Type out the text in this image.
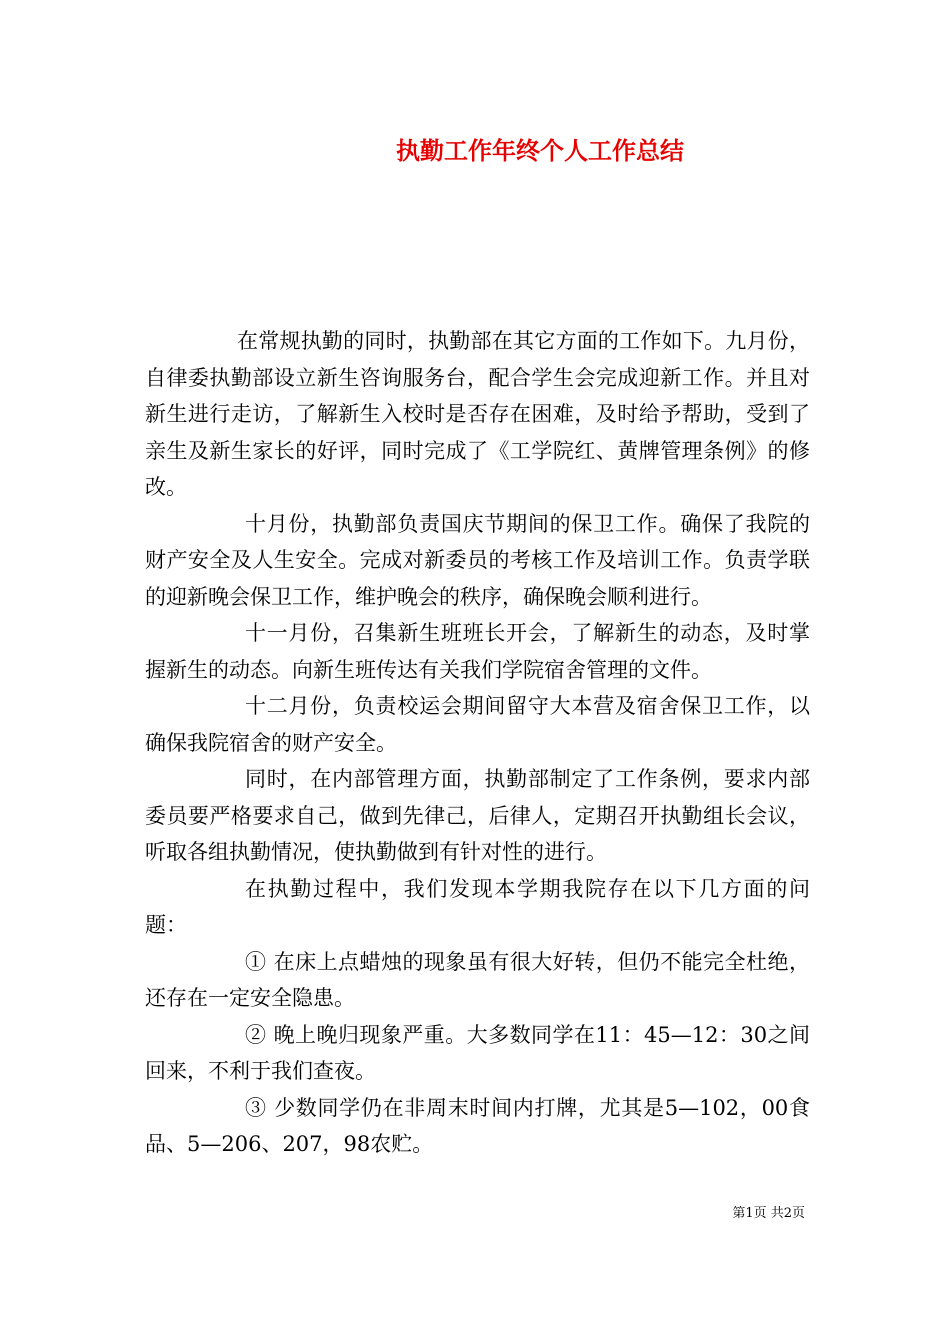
执勤工作年终个人工作总结

在常规执勤的同时，执勤部在其它方面的工作如下。九月份，自律委执勤部设立新生咨询服务台，配合学生会完成迎新工作。并且对新生进行走访，了解新生入校时是否存在困难，及时给予帮助，受到了亲生及新生家长的好评，同时完成了《工学院红、黄牌管理条例》的修改。

十月份，执勤部负责国庆节期间的保卫工作。确保了我院的财产安全及人生安全。完成对新委员的考核工作及培训工作。负责学联的迎新晚会保卫工作，维护晚会的秩序，确保晚会顺利进行。

十一月份，召集新生班班长开会，了解新生的动态，及时掌握新生的动态。向新生班传达有关我们学院宿舍管理的文件。

十二月份，负责校运会期间留守大本营及宿舍保卫工作，以确保我院宿舍的财产安全。

同时，在内部管理方面，执勤部制定了工作条例，要求内部委员要严格要求自己，做到先律己，后律人，定期召开执勤组长会议，听取各组执勤情况，使执勤做到有针对性的进行。

在执勤过程中，我们发现本学期我院存在以下几方面的问题：

① 在床上点蜡烛的现象虽有很大好转，但仍不能完全杜绝，还存在一定安全隐患。

② 晚上晚归现象严重。大多数同学在11：45—12：30之间回来，不利于我们查夜。

③ 少数同学仍在非周末时间内打牌，尤其是5—102，00食品、5—206、207，98农贮。

第1页 共2页
